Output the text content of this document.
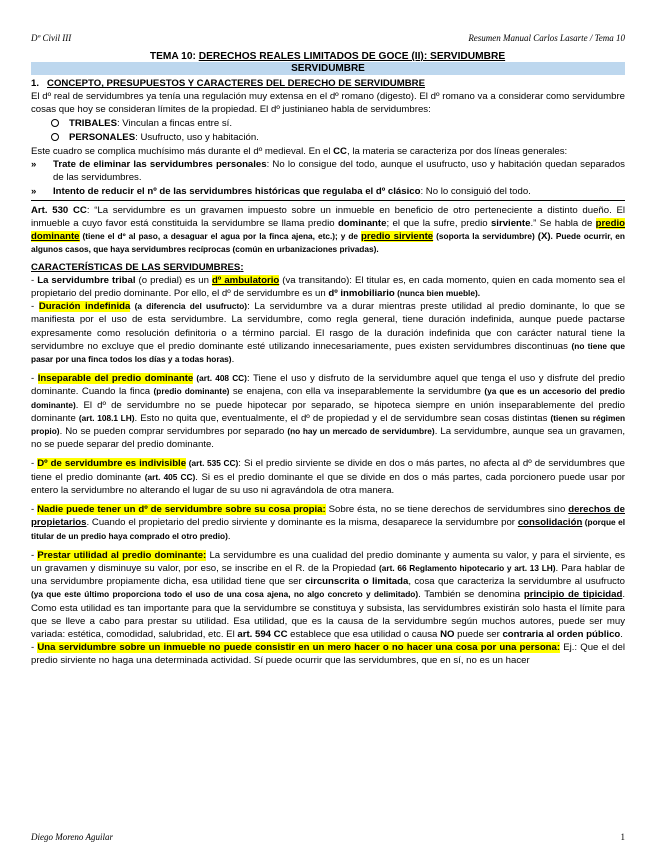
Dº Civil III	Resumen Manual Carlos Lasarte / Tema 10
TEMA 10: DERECHOS REALES LIMITADOS DE GOCE (II): SERVIDUMBRE
SERVIDUMBRE

1. CONCEPTO, PRESUPUESTOS Y CARACTERES DEL DERECHO DE SERVIDUMBRE

El dº real de servidumbres ya tenía una regulación muy extensa en el dº romano (digesto). El dº romano va a considerar como servidumbre cosas que hoy se consideran límites de la propiedad. El dº justinianeo habla de servidumbres:

TRIBALES: Vinculan a fincas entre sí.
PERSONALES: Usufructo, uso y habitación.

Este cuadro se complica muchísimo más durante el dº medieval. En el CC, la materia se caracteriza por dos líneas generales:

»	Trate de eliminar las servidumbres personales: No lo consigue del todo, aunque el usufructo, uso y habitación quedan separados de las servidumbres.
»	Intento de reducir el nº de las servidumbres históricas que regulaba el dº clásico: No lo consiguió del todo.

Art. 530 CC: “La servidumbre es un gravamen impuesto sobre un inmueble en beneficio de otro perteneciente a distinto dueño. El inmueble a cuyo favor está constituida la servidumbre se llama predio dominante; el que la sufre, predio sirviente.” Se habla de predio dominante (tiene el dº al paso, a desaguar el agua por la finca ajena, etc.); y de predio sirviente (soporta la servidumbre) (X). Puede ocurrir, en algunos casos, que haya servidumbres recíprocas (común en urbanizaciones privadas).

CARACTERÍSTICAS DE LAS SERVIDUMBRES:

- La servidumbre tribal (o predial) es un dº ambulatorio (va transitando): El titular es, en cada momento, quien en cada momento sea el propietario del predio dominante. Por ello, el dº de servidumbre es un dº inmobiliario (nunca bien mueble).

- Duración indefinida (a diferencia del usufructo): La servidumbre va a durar mientras preste utilidad al predio dominante, lo que se manifiesta por el uso de esta servidumbre. La servidumbre, como regla general, tiene duración indefinida, aunque puede pactarse expresamente como resolución definitoria o a término parcial. El rasgo de la duración indefinida que con carácter natural tiene la servidumbre no excluye que el predio dominante esté utilizando innecesariamente, pues existen servidumbres discontinuas (no tiene que pasar por una finca todos los días y a todas horas).

- Inseparable del predio dominante (art. 408 CC): Tiene el uso y disfruto de la servidumbre aquel que tenga el uso y disfrute del predio dominante. Cuando la finca (predio dominante) se enajena, con ella va inseparablemente la servidumbre (ya que es un accesorio del predio dominante). El dº de servidumbre no se puede hipotecar por separado, se hipoteca siempre en unión inseparablemente del predio dominante (art. 108.1 LH). Esto no quita que, eventualmente, el dº de propiedad y el de servidumbre sean cosas distintas (tienen su régimen propio). No se pueden comprar servidumbres por separado (no hay un mercado de servidumbre). La servidumbre, aunque sea un gravamen, no se puede separar del predio dominante.

- Dº de servidumbre es indivisible (art. 535 CC): Si el predio sirviente se divide en dos o más partes, no afecta al dº de servidumbres que tiene el predio dominante (art. 405 CC). Si es el predio dominante el que se divide en dos o más partes, cada porcionero puede usar por entero la servidumbre no alterando el lugar de su uso ni agravándola de otra manera.

- Nadie puede tener un dº de servidumbre sobre su cosa propia: Sobre ésta, no se tiene derechos de servidumbres sino derechos de propietarios. Cuando el propietario del predio sirviente y dominante es la misma, desaparece la servidumbre por consolidación (porque el titular de un predio haya comprado el otro predio).

- Prestar utilidad al predio dominante: La servidumbre es una cualidad del predio dominante y aumenta su valor, y para el sirviente, es un gravamen y disminuye su valor, por eso, se inscribe en el R. de la Propiedad (art. 66 Reglamento hipotecario y art. 13 LH). Para hablar de una servidumbre propiamente dicha, esa utilidad tiene que ser circunscrita o limitada, cosa que caracteriza la servidumbre al usufructo (ya que este último proporciona todo el uso de una cosa ajena, no algo concreto y delimitado). También se denomina principio de tipicidad. Como esta utilidad es tan importante para que la servidumbre se constituya y subsista, las servidumbres existirán solo hasta el límite para que se lleve a cabo para prestar su utilidad. Esa utilidad, que es la causa de la servidumbre según muchos autores, puede ser muy variada: estética, comodidad, salubridad, etc. El art. 594 CC establece que esa utilidad o causa NO puede ser contraria al orden público.

- Una servidumbre sobre un inmueble no puede consistir en un mero hacer o no hacer una cosa por una persona: Ej.: Que el del predio sirviente no haga una determinada actividad. Sí puede ocurrir que las servidumbres, que en sí, no es un hacer

Diego Moreno Aguilar	1
